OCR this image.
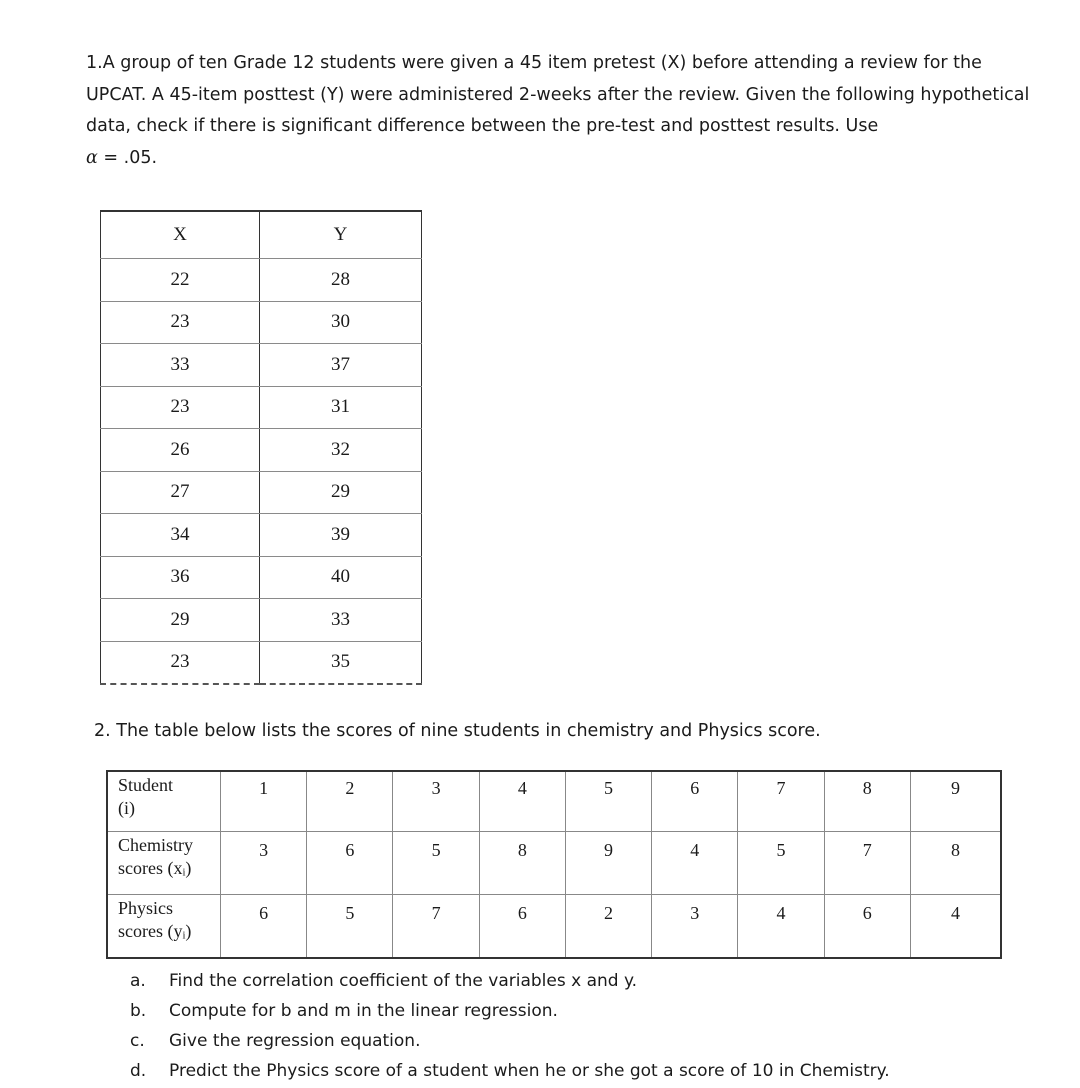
1.A group of ten Grade 12 students were given a 45 item pretest (X) before attending a review for the UPCAT. A 45-item posttest (Y) were administered 2-weeks after the review. Given the following hypothetical data, check if there is significant difference between the pre-test and posttest results. Use
α = .05.

X	Y
22	28
23	30
33	37
23	31
26	32
27	29
34	39
36	40
29	33
23	35

2. The table below lists the scores of nine students in chemistry and Physics score.

Student
(i)	1	2	3	4	5	6	7	8	9
Chemistry
scores (xᵢ)	3	6	5	8	9	4	5	7	8
Physics
scores (yᵢ)	6	5	7	6	2	3	4	6	4
a.	Find the correlation coefficient of the variables x and y.
b.	Compute for b and m in the linear regression.
c.	Give the regression equation.
d.	Predict the Physics score of a student when he or she got a score of 10 in Chemistry.
